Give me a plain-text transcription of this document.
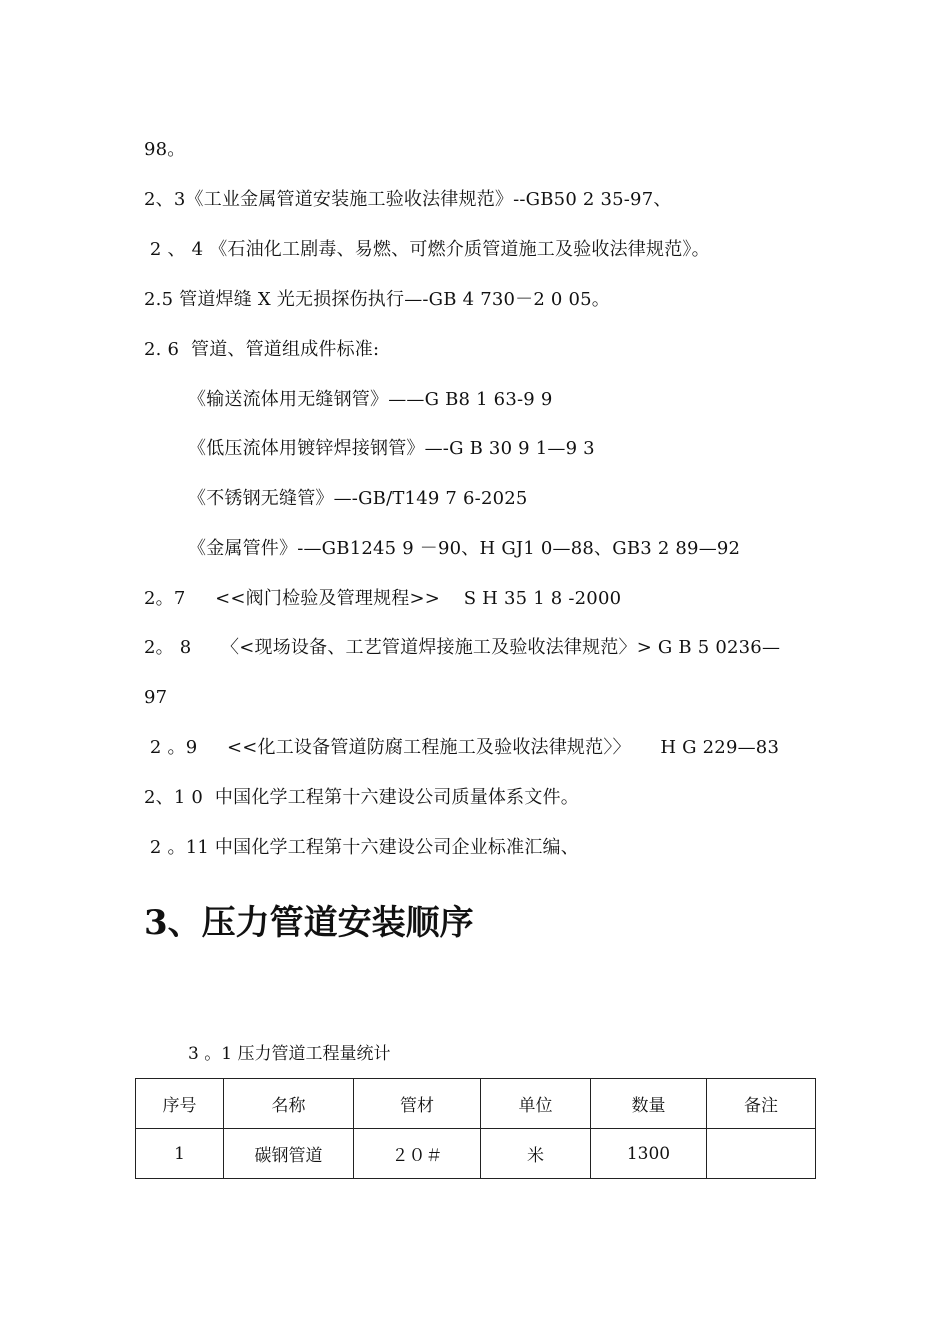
98。
2、3《工业金属管道安装施工验收法律规范》--GB50 2 35-97、
2 、 4 《石油化工剧毒、易燃、可燃介质管道施工及验收法律规范》。
2.5 管道焊缝 X 光无损探伤执行—-GB 4 730－2 0 05。
2. 6  管道、管道组成件标准:
《输送流体用无缝钢管》——G B8 1 63-9 9
《低压流体用镀锌焊接钢管》—-G B 30 9 1—9 3
《不锈钢无缝管》—-GB/T149 7 6-2025
《金属管件》-—GB1245 9 －90、H GJ1 0—88、GB3 2 89—92
2。7     <<阀门检验及管理规程>>    S H 35 1 8 -2000
2。 8     〈<现场设备、工艺管道焊接施工及验收法律规范〉> G B 5 0236—
97
2 。9     <<化工设备管道防腐工程施工及验收法律规范〉〉     H G 229—83
2、1 0  中国化学工程第十六建设公司质量体系文件。
2 。11 中国化学工程第十六建设公司企业标准汇编、
3、压力管道安装顺序
3 。1 压力管道工程量统计
序号	名称	管材	单位	数量	备注
1	碳钢管道	２０＃	米	1300	
